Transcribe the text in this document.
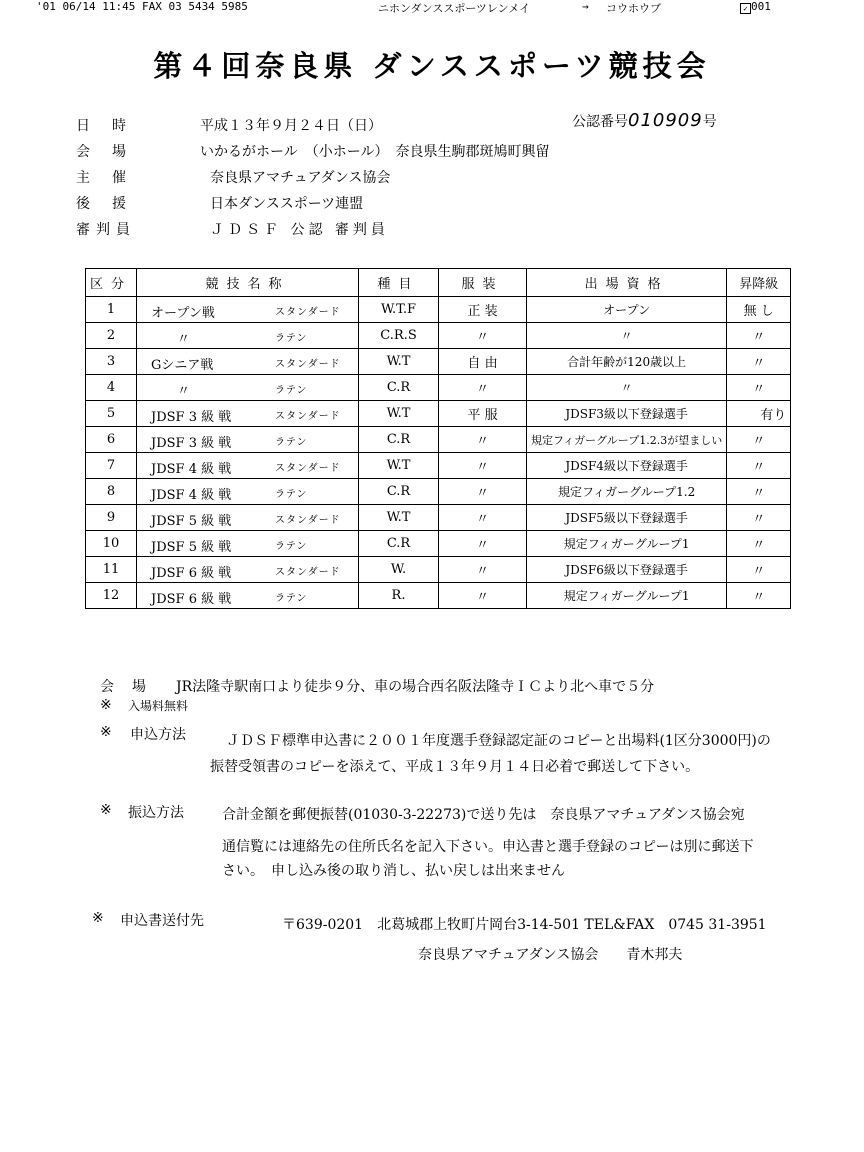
'01 06/14 11:45 FAX 03 5434 5985	ニホンダンススポーツレンメイ	→ コウホウブ	✓ 001
第４回奈良県 ダンススポーツ競技会
日時	平成１３年９月２４日（日）
会場	いかるがホール　（小ホール）　奈良県生駒郡斑鳩町興留
主催	奈良県アマチュアダンス協会
後援	日本ダンススポーツ連盟
審判員	ＪＤＳＦ 公認 審判員
公認番号010909号
区分	競技名称	種目	服装	出場資格	昇降級
1	オープン戦 スタンダード	W.T.F	正 装	オープン	無 し
2	〃 ラテン	C.R.S	〃	〃	〃
3	Gシニア戦 スタンダード	W.T	自 由	合計年齢が120歳以上	〃
4	〃 ラテン	C.R	〃	〃	〃
5	JDSF 3 級 戦 スタンダード	W.T	平 服	JDSF3級以下登録選手	有り
6	JDSF 3 級 戦 ラテン	C.R	〃	規定フィガーグループ1.2.3が望ましい	〃
7	JDSF 4 級 戦 スタンダード	W.T	〃	JDSF4級以下登録選手	〃
8	JDSF 4 級 戦 ラテン	C.R	〃	規定フィガーグループ1.2	〃
9	JDSF 5 級 戦 スタンダード	W.T	〃	JDSF5級以下登録選手	〃
10	JDSF 5 級 戦 ラテン	C.R	〃	規定フィガーグループ1	〃
11	JDSF 6 級 戦 スタンダード	W.	〃	JDSF6級以下登録選手	〃
12	JDSF 6 級 戦 ラテン	R.	〃	規定フィガーグループ1	〃
会　場 JR法隆寺駅南口より徒歩９分、車の場合西名阪法隆寺ＩＣより北へ車で５分
※ 入場料無料
※ 申込方法	ＪＤＳＦ標準申込書に２００１年度選手登録認定証のコピーと出場料(1区分3000円)の
振替受領書のコピーを添えて、平成１３年９月１４日必着で郵送して下さい。
※ 振込方法	合計金額を郵便振替(01030-3-22273)で送り先は　奈良県アマチュアダンス協会宛
通信覧には連絡先の住所氏名を記入下さい。申込書と選手登録のコピーは別に郵送下
さい。　申し込み後の取り消し、払い戻しは出来ません
※ 申込書送付先	〒639-0201　北葛城郡上牧町片岡台3-14-501 TEL&FAX　0745 31-3951
奈良県アマチュアダンス協会　　青木邦夫
